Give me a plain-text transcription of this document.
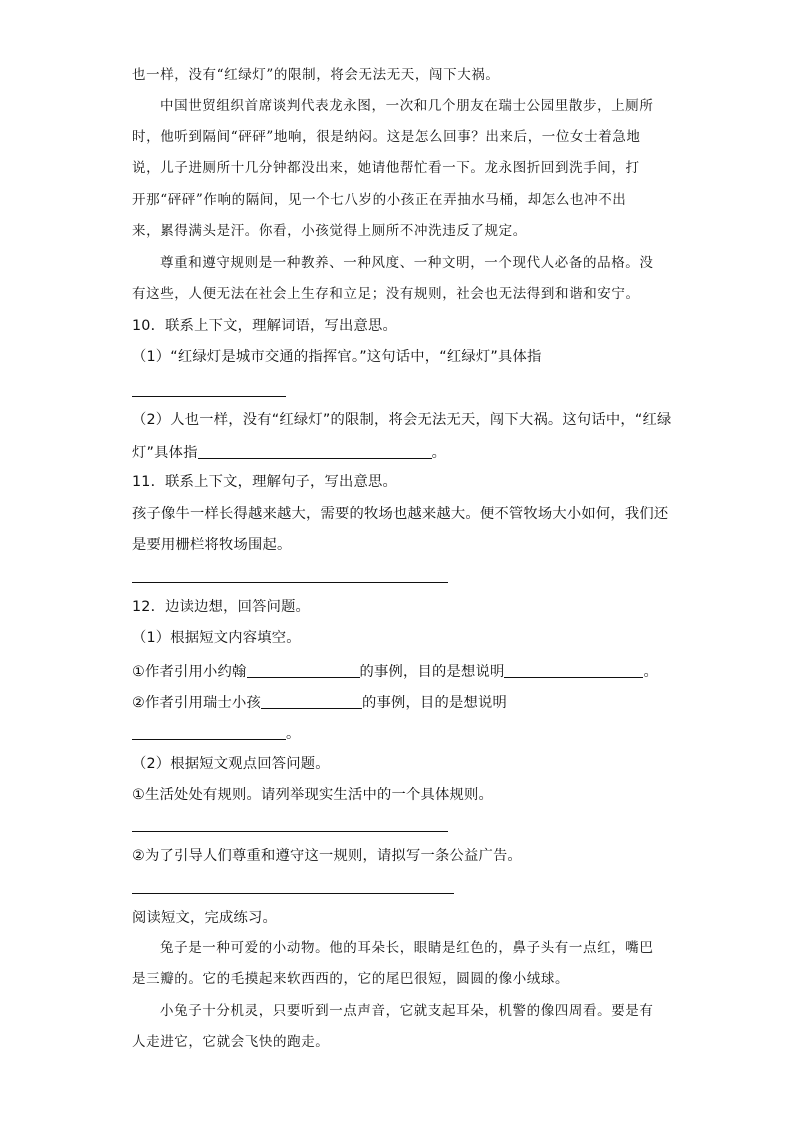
也一样，没有“红绿灯”的限制，将会无法无天，闯下大祸。
中国世贸组织首席谈判代表龙永图，一次和几个朋友在瑞士公园里散步，上厕所
时，他听到隔间“砰砰”地响，很是纳闷。这是怎么回事？出来后，一位女士着急地
说，儿子进厕所十几分钟都没出来，她请他帮忙看一下。龙永图折回到洗手间，打
开那“砰砰”作响的隔间，见一个七八岁的小孩正在弄抽水马桶，却怎么也冲不出
来，累得满头是汗。你看，小孩觉得上厕所不冲洗违反了规定。
尊重和遵守规则是一种教养、一种风度、一种文明，一个现代人必备的品格。没
有这些，人便无法在社会上生存和立足；没有规则，社会也无法得到和谐和安宁。
10．联系上下文，理解词语，写出意思。
（1）“红绿灯是城市交通的指挥官。”这句话中，“红绿灯”具体指
（2）人也一样，没有“红绿灯”的限制，将会无法无天，闯下大祸。这句话中，“红绿
灯”具体指	。
11．联系上下文，理解句子，写出意思。
孩子像牛一样长得越来越大，需要的牧场也越来越大。便不管牧场大小如何，我们还
是要用栅栏将牧场围起。
12．边读边想，回答问题。
（1）根据短文内容填空。
①作者引用小约翰	的事例，目的是想说明	。
②作者引用瑞士小孩	的事例，目的是想说明
。
（2）根据短文观点回答问题。
①生活处处有规则。请列举现实生活中的一个具体规则。
②为了引导人们尊重和遵守这一规则，请拟写一条公益广告。
阅读短文，完成练习。
兔子是一种可爱的小动物。他的耳朵长，眼睛是红色的，鼻子头有一点红，嘴巴
是三瓣的。它的毛摸起来软西西的，它的尾巴很短，圆圆的像小绒球。
小兔子十分机灵，只要听到一点声音，它就支起耳朵，机警的像四周看。要是有
人走进它，它就会飞快的跑走。
